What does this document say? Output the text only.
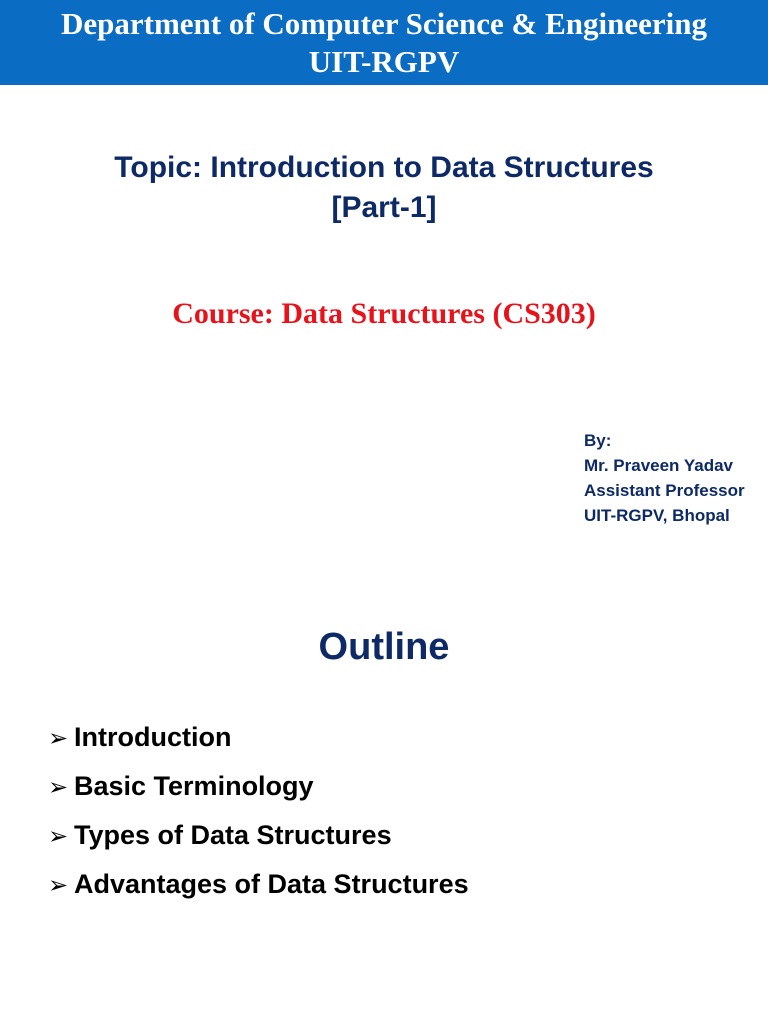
Department of Computer Science & Engineering
UIT-RGPV
Topic: Introduction to Data Structures
[Part-1]
Course: Data Structures (CS303)
By:
Mr. Praveen Yadav
Assistant Professor
UIT-RGPV, Bhopal
Outline
➢ Introduction
➢ Basic Terminology
➢ Types of Data Structures
➢ Advantages of Data Structures
